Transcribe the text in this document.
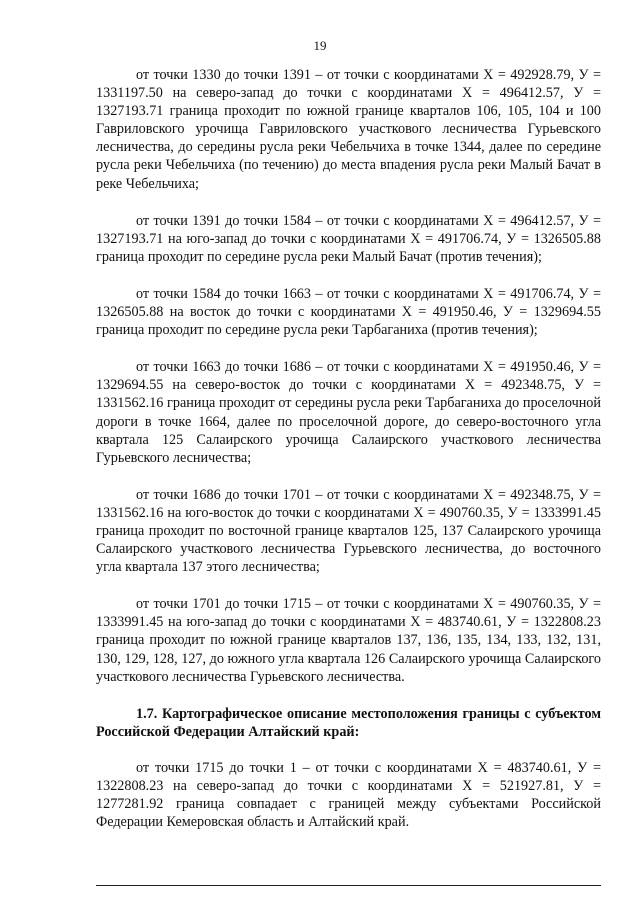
19

от точки 1330 до точки 1391 – от точки с координатами Х = 492928.79, У = 1331197.50 на северо-запад до точки с координатами Х = 496412.57, У = 1327193.71 граница проходит по южной границе кварталов 106, 105, 104 и 100 Гавриловского урочища Гавриловского участкового лесничества Гурьевского лесничества, до середины русла реки Чебельчиха в точке 1344, далее по середине русла реки Чебельчиха (по течению) до места впадения русла реки Малый Бачат в реке Чебельчиха;

от точки 1391 до точки 1584 – от точки с координатами Х = 496412.57, У = 1327193.71 на юго-запад до точки с координатами Х = 491706.74, У = 1326505.88 граница проходит по середине русла реки Малый Бачат (против течения);

от точки 1584 до точки 1663 – от точки с координатами Х = 491706.74, У = 1326505.88 на восток до точки с координатами Х = 491950.46, У = 1329694.55 граница проходит по середине русла реки Тарбаганиха (против течения);

от точки 1663 до точки 1686 – от точки с координатами Х = 491950.46, У = 1329694.55 на северо-восток до точки с координатами Х = 492348.75, У = 1331562.16 граница проходит от середины русла реки Тарбаганиха до проселочной дороги в точке 1664, далее по проселочной дороге, до северо-восточного угла квартала 125 Салаирского урочища Салаирского участкового лесничества Гурьевского лесничества;

от точки 1686 до точки 1701 – от точки с координатами Х = 492348.75, У = 1331562.16 на юго-восток до точки с координатами Х = 490760.35, У = 1333991.45 граница проходит по восточной границе кварталов 125, 137 Салаирского урочища Салаирского участкового лесничества Гурьевского лесничества, до восточного угла квартала 137 этого лесничества;

от точки 1701 до точки 1715 – от точки с координатами Х = 490760.35, У = 1333991.45 на юго-запад до точки с координатами Х = 483740.61, У = 1322808.23 граница проходит по южной границе кварталов 137, 136, 135, 134, 133, 132, 131, 130, 129, 128, 127, до южного угла квартала 126 Салаирского урочища Салаирского участкового лесничества Гурьевского лесничества.

1.7. Картографическое описание местоположения границы с субъектом Российской Федерации Алтайский край:

от точки 1715 до точки 1 – от точки с координатами Х = 483740.61, У = 1322808.23 на северо-запад до точки с координатами Х = 521927.81, У = 1277281.92 граница совпадает с границей между субъектами Российской Федерации Кемеровская область и Алтайский край.
